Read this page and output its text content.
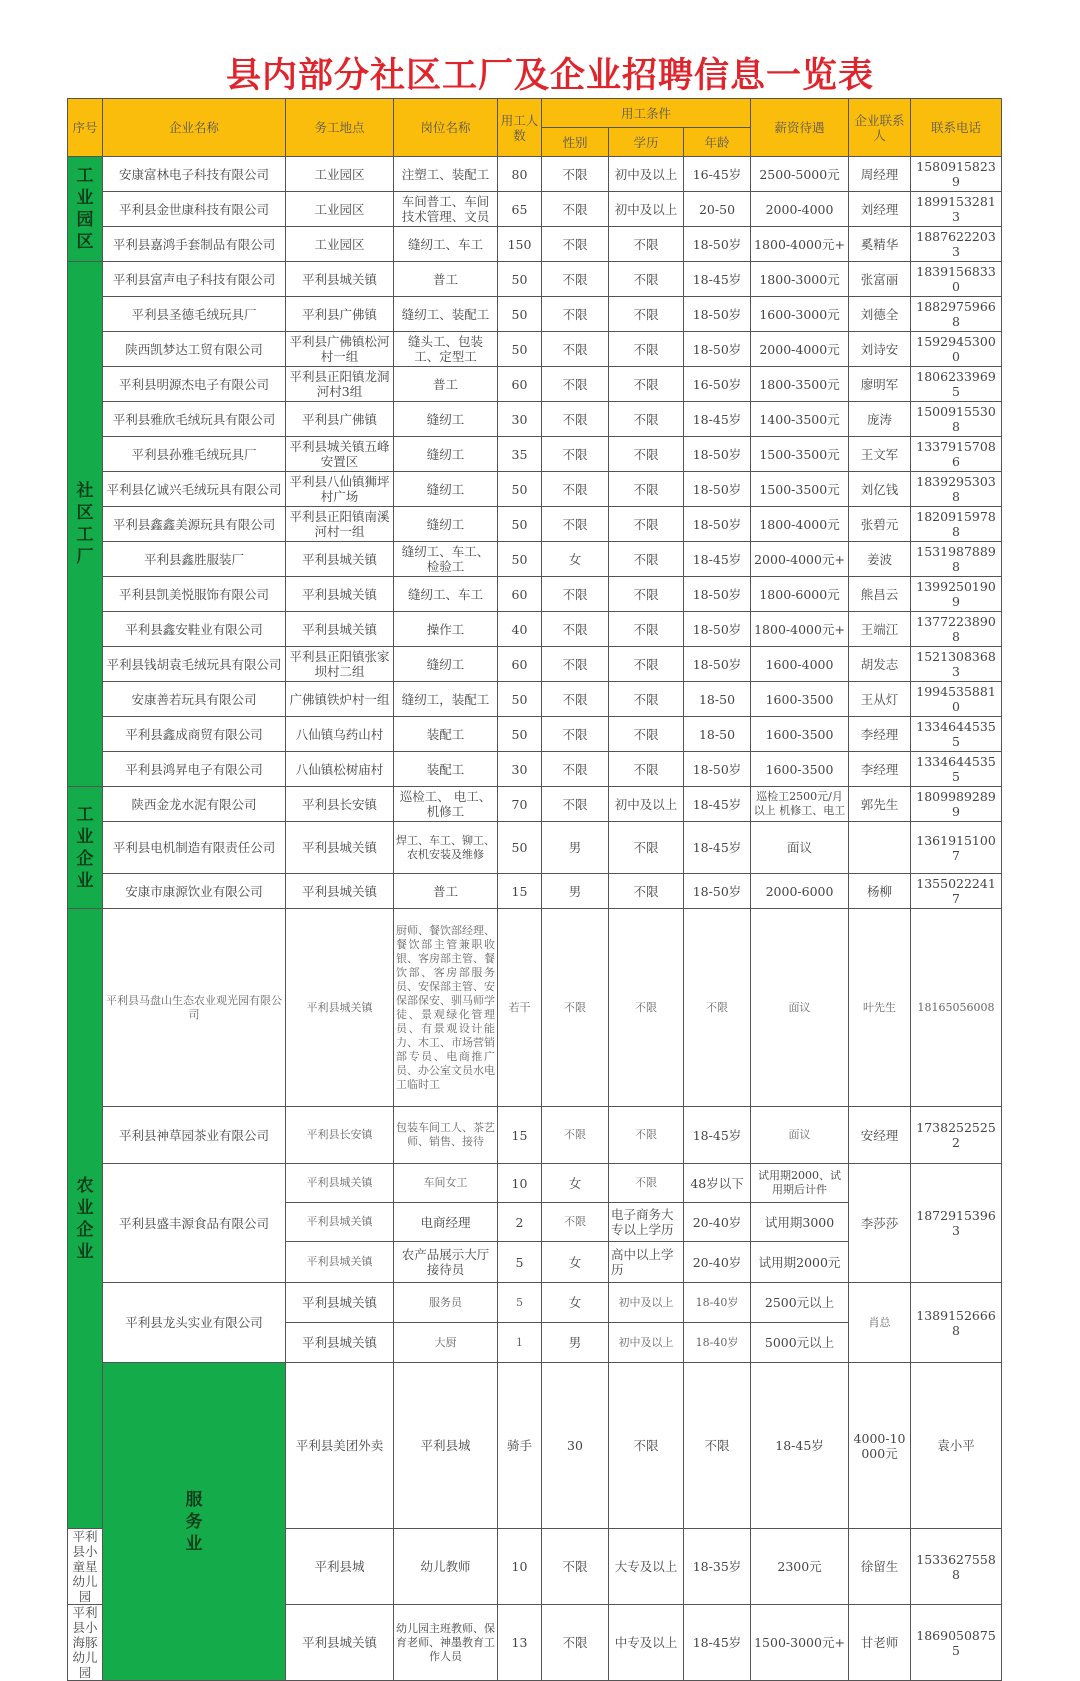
县内部分社区工厂及企业招聘信息一览表
序号	企业名称	务工地点	岗位名称	用工人数	用工条件			薪资待遇	企业联系人	联系电话	
					性别	学历	年龄				
工业园区	安康富林电子科技有限公司	工业园区	注塑工、装配工	80	不限	初中及以上	16-45岁	2500-5000元	周经理	15809158239	
	平利县金世康科技有限公司	工业园区	车间普工、车间技术管理、文员	65	不限	初中及以上	20-50	2000-4000	刘经理	18991532813	
	平利县嘉鸿手套制品有限公司	工业园区	缝纫工、车工	150	不限	不限	18-50岁	1800-4000元+	奚精华	18876222033	
社区工厂	平利县富声电子科技有限公司	平利县城关镇	普工	50	不限	不限	18-45岁	1800-3000元	张富丽	18391568330	
	平利县圣德毛绒玩具厂	平利县广佛镇	缝纫工、装配工	50	不限	不限	18-50岁	1600-3000元	刘德全	18829759668	
	陕西凯梦达工贸有限公司	平利县广佛镇松河村一组	缝头工、包装工、定型工	50	不限	不限	18-50岁	2000-4000元	刘诗安	15929453000	
	平利县明源杰电子有限公司	平利县正阳镇龙洞河村3组	普工	60	不限	不限	16-50岁	1800-3500元	廖明军	18062339695	
	平利县雅欣毛绒玩具有限公司	平利县广佛镇	缝纫工	30	不限	不限	18-45岁	1400-3500元	庞涛	15009155308	
	平利县孙雅毛绒玩具厂	平利县城关镇五峰安置区	缝纫工	35	不限	不限	18-50岁	1500-3500元	王文军	13379157086	
	平利县亿诚兴毛绒玩具有限公司	平利县八仙镇狮坪村广场	缝纫工	50	不限	不限	18-50岁	1500-3500元	刘亿钱	18392953038	
	平利县鑫鑫美源玩具有限公司	平利县正阳镇南溪河村一组	缝纫工	50	不限	不限	18-50岁	1800-4000元	张碧元	18209159788	
	平利县鑫胜服装厂	平利县城关镇	缝纫工、车工、检验工	50	女	不限	18-45岁	2000-4000元+	姜波	15319878898	
	平利县凯美悦服饰有限公司	平利县城关镇	缝纫工、车工	60	不限	不限	18-50岁	1800-6000元	熊昌云	13992501909	
	平利县鑫安鞋业有限公司	平利县城关镇	操作工	40	不限	不限	18-50岁	1800-4000元+	王端江	13772238908	
	平利县钱胡袁毛绒玩具有限公司	平利县正阳镇张家坝村二组	缝纫工	60	不限	不限	18-50岁	1600-4000	胡发志	15213083683	
	安康善若玩具有限公司	广佛镇铁炉村一组	缝纫工，装配工	50	不限	不限	18-50	1600-3500	王从灯	19945358810	
	平利县鑫成商贸有限公司	八仙镇乌药山村	装配工	50	不限	不限	18-50	1600-3500	李经理	13346445355	
	平利县鸿昇电子有限公司	八仙镇松树庙村	装配工	30	不限	不限	18-50岁	1600-3500	李经理	13346445355	
工业企业	陕西金龙水泥有限公司	平利县长安镇	巡检工、 电工、机修工	70	不限	初中及以上	18-45岁	巡检工2500元/月以上 机修工、电工	郭先生	18099892899	
	平利县电机制造有限责任公司	平利县城关镇	焊工、车工、铆工、农机安装及维修	50	男	不限	18-45岁	面议		13619151007	
	安康市康源饮业有限公司	平利县城关镇	普工	15	男	不限	18-50岁	2000-6000	杨柳	13550222417	
农业企业	平利县马盘山生态农业观光园有限公司	平利县城关镇	厨师、餐饮部经理、餐饮部主管兼职收银、客房部主管、餐饮部、客房部服务员、安保部主管、安保部保安、驯马师学徒、景观绿化管理员、有景观设计能力、木工、市场营销部专员、电商推广员、办公室文员水电工临时工	若干	不限	不限	不限	面议	叶先生	18165056008	
	平利县神草园茶业有限公司	平利县长安镇	包装车间工人、茶艺师、销售、接待	15	不限	不限	18-45岁	面议	安经理	17382525252	
	平利县盛丰源食品有限公司	平利县城关镇	车间女工	10	女	不限	48岁以下	试用期2000、试用期后计件	李莎莎	18729153963	
		平利县城关镇	电商经理	2	不限	电子商务大专以上学历	20-40岁	试用期3000			
		平利县城关镇	农产品展示大厅接待员	5	女	高中以上学历	20-40岁	试用期2000元			
	平利县龙头实业有限公司	平利县城关镇	服务员	5	女	初中及以上	18-40岁	2500元以上	肖总	13891526668	
		平利县城关镇	大厨	1	男	初中及以上	18-40岁	5000元以上			
	服务业	平利县美团外卖	平利县城	骑手	30	不限	不限	18-45岁	4000-10000元	袁小平	
平利县小童星幼儿园		平利县城	幼儿教师	10	不限	大专及以上	18-35岁	2300元	徐留生	15336275588	
平利县小海豚幼儿园		平利县城关镇	幼儿园主班教师、保育老师、神墨教育工作人员	13	不限	中专及以上	18-45岁	1500-3000元+	甘老师	18690508755	
